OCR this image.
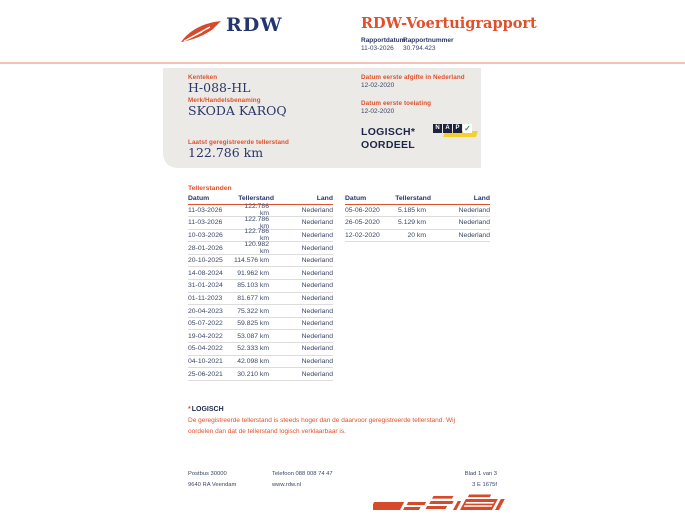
RDW	RDW-Voertuigrapport
Rapportdatum
11-03-2026
Rapportnummer
30.794.423
Kenteken
H-088-HL
Merk/Handelsbenaming
SKODA KAROQ
Laatst geregistreerde tellerstand
122.786 km
Datum eerste afgifte in Nederland
12-02-2020
Datum eerste toelating
12-02-2020
LOGISCH*
OORDEEL
N A P ✓
Tellerstanden
Datum	Tellerstand	Land
11-03-2026	122.786 km	Nederland
11-03-2026	122.786 km	Nederland
10-03-2026	122.786 km	Nederland
28-01-2026	120.982 km	Nederland
20-10-2025	114.576 km	Nederland
14-08-2024	91.962 km	Nederland
31-01-2024	85.103 km	Nederland
01-11-2023	81.677 km	Nederland
20-04-2023	75.322 km	Nederland
05-07-2022	59.825 km	Nederland
19-04-2022	53.087 km	Nederland
05-04-2022	52.333 km	Nederland
04-10-2021	42.098 km	Nederland
25-06-2021	30.210 km	Nederland
Datum	Tellerstand	Land
05-06-2020	5.185 km	Nederland
26-05-2020	5.129 km	Nederland
12-02-2020	20 km	Nederland
*LOGISCH
De geregistreerde tellerstand is steeds hoger dan de daarvoor geregistreerde tellerstand. Wij oordelen dan dat de tellerstand logisch verklaarbaar is.
Postbus 30000
9640 RA Veendam
Telefoon 088 008 74 47
www.rdw.nl
Blad 1 van 3
3 E 1675f
